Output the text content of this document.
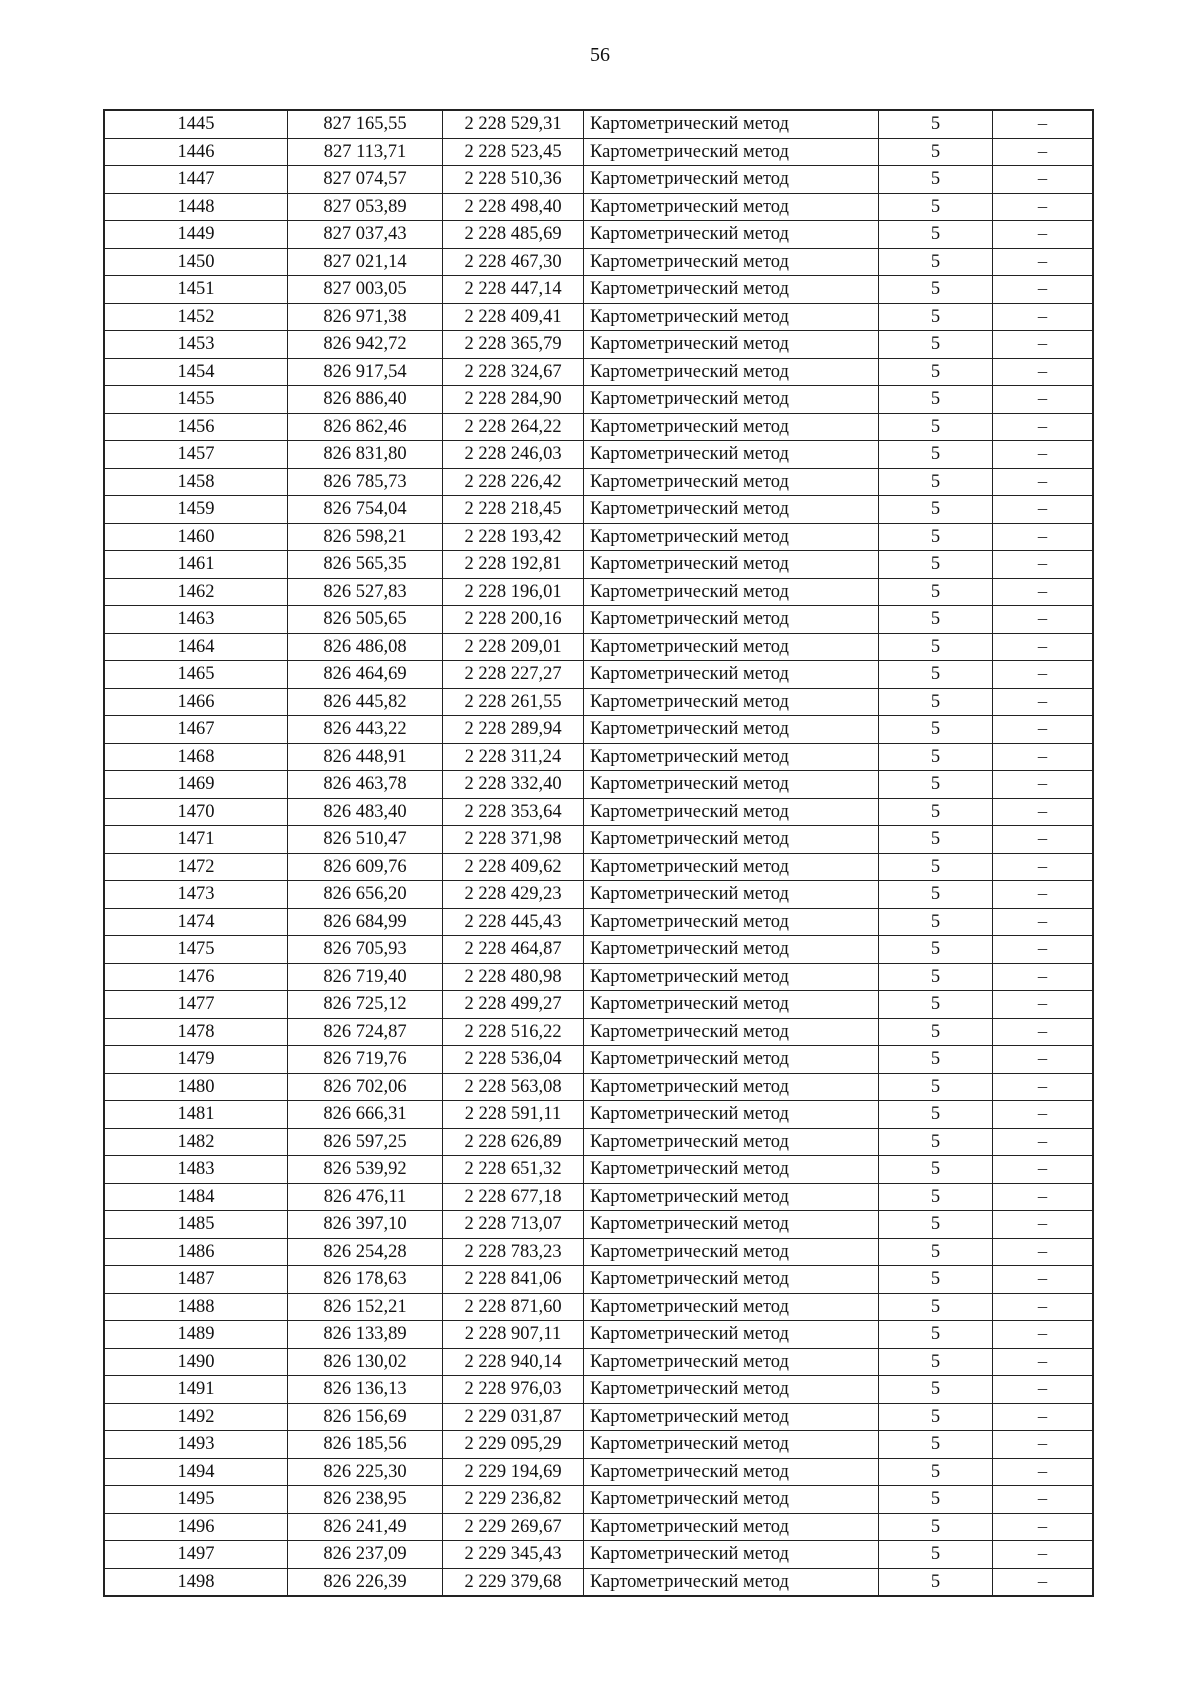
56
1445	827 165,55	2 228 529,31	Картометрический метод	5	–
1446	827 113,71	2 228 523,45	Картометрический метод	5	–
1447	827 074,57	2 228 510,36	Картометрический метод	5	–
1448	827 053,89	2 228 498,40	Картометрический метод	5	–
1449	827 037,43	2 228 485,69	Картометрический метод	5	–
1450	827 021,14	2 228 467,30	Картометрический метод	5	–
1451	827 003,05	2 228 447,14	Картометрический метод	5	–
1452	826 971,38	2 228 409,41	Картометрический метод	5	–
1453	826 942,72	2 228 365,79	Картометрический метод	5	–
1454	826 917,54	2 228 324,67	Картометрический метод	5	–
1455	826 886,40	2 228 284,90	Картометрический метод	5	–
1456	826 862,46	2 228 264,22	Картометрический метод	5	–
1457	826 831,80	2 228 246,03	Картометрический метод	5	–
1458	826 785,73	2 228 226,42	Картометрический метод	5	–
1459	826 754,04	2 228 218,45	Картометрический метод	5	–
1460	826 598,21	2 228 193,42	Картометрический метод	5	–
1461	826 565,35	2 228 192,81	Картометрический метод	5	–
1462	826 527,83	2 228 196,01	Картометрический метод	5	–
1463	826 505,65	2 228 200,16	Картометрический метод	5	–
1464	826 486,08	2 228 209,01	Картометрический метод	5	–
1465	826 464,69	2 228 227,27	Картометрический метод	5	–
1466	826 445,82	2 228 261,55	Картометрический метод	5	–
1467	826 443,22	2 228 289,94	Картометрический метод	5	–
1468	826 448,91	2 228 311,24	Картометрический метод	5	–
1469	826 463,78	2 228 332,40	Картометрический метод	5	–
1470	826 483,40	2 228 353,64	Картометрический метод	5	–
1471	826 510,47	2 228 371,98	Картометрический метод	5	–
1472	826 609,76	2 228 409,62	Картометрический метод	5	–
1473	826 656,20	2 228 429,23	Картометрический метод	5	–
1474	826 684,99	2 228 445,43	Картометрический метод	5	–
1475	826 705,93	2 228 464,87	Картометрический метод	5	–
1476	826 719,40	2 228 480,98	Картометрический метод	5	–
1477	826 725,12	2 228 499,27	Картометрический метод	5	–
1478	826 724,87	2 228 516,22	Картометрический метод	5	–
1479	826 719,76	2 228 536,04	Картометрический метод	5	–
1480	826 702,06	2 228 563,08	Картометрический метод	5	–
1481	826 666,31	2 228 591,11	Картометрический метод	5	–
1482	826 597,25	2 228 626,89	Картометрический метод	5	–
1483	826 539,92	2 228 651,32	Картометрический метод	5	–
1484	826 476,11	2 228 677,18	Картометрический метод	5	–
1485	826 397,10	2 228 713,07	Картометрический метод	5	–
1486	826 254,28	2 228 783,23	Картометрический метод	5	–
1487	826 178,63	2 228 841,06	Картометрический метод	5	–
1488	826 152,21	2 228 871,60	Картометрический метод	5	–
1489	826 133,89	2 228 907,11	Картометрический метод	5	–
1490	826 130,02	2 228 940,14	Картометрический метод	5	–
1491	826 136,13	2 228 976,03	Картометрический метод	5	–
1492	826 156,69	2 229 031,87	Картометрический метод	5	–
1493	826 185,56	2 229 095,29	Картометрический метод	5	–
1494	826 225,30	2 229 194,69	Картометрический метод	5	–
1495	826 238,95	2 229 236,82	Картометрический метод	5	–
1496	826 241,49	2 229 269,67	Картометрический метод	5	–
1497	826 237,09	2 229 345,43	Картометрический метод	5	–
1498	826 226,39	2 229 379,68	Картометрический метод	5	–
